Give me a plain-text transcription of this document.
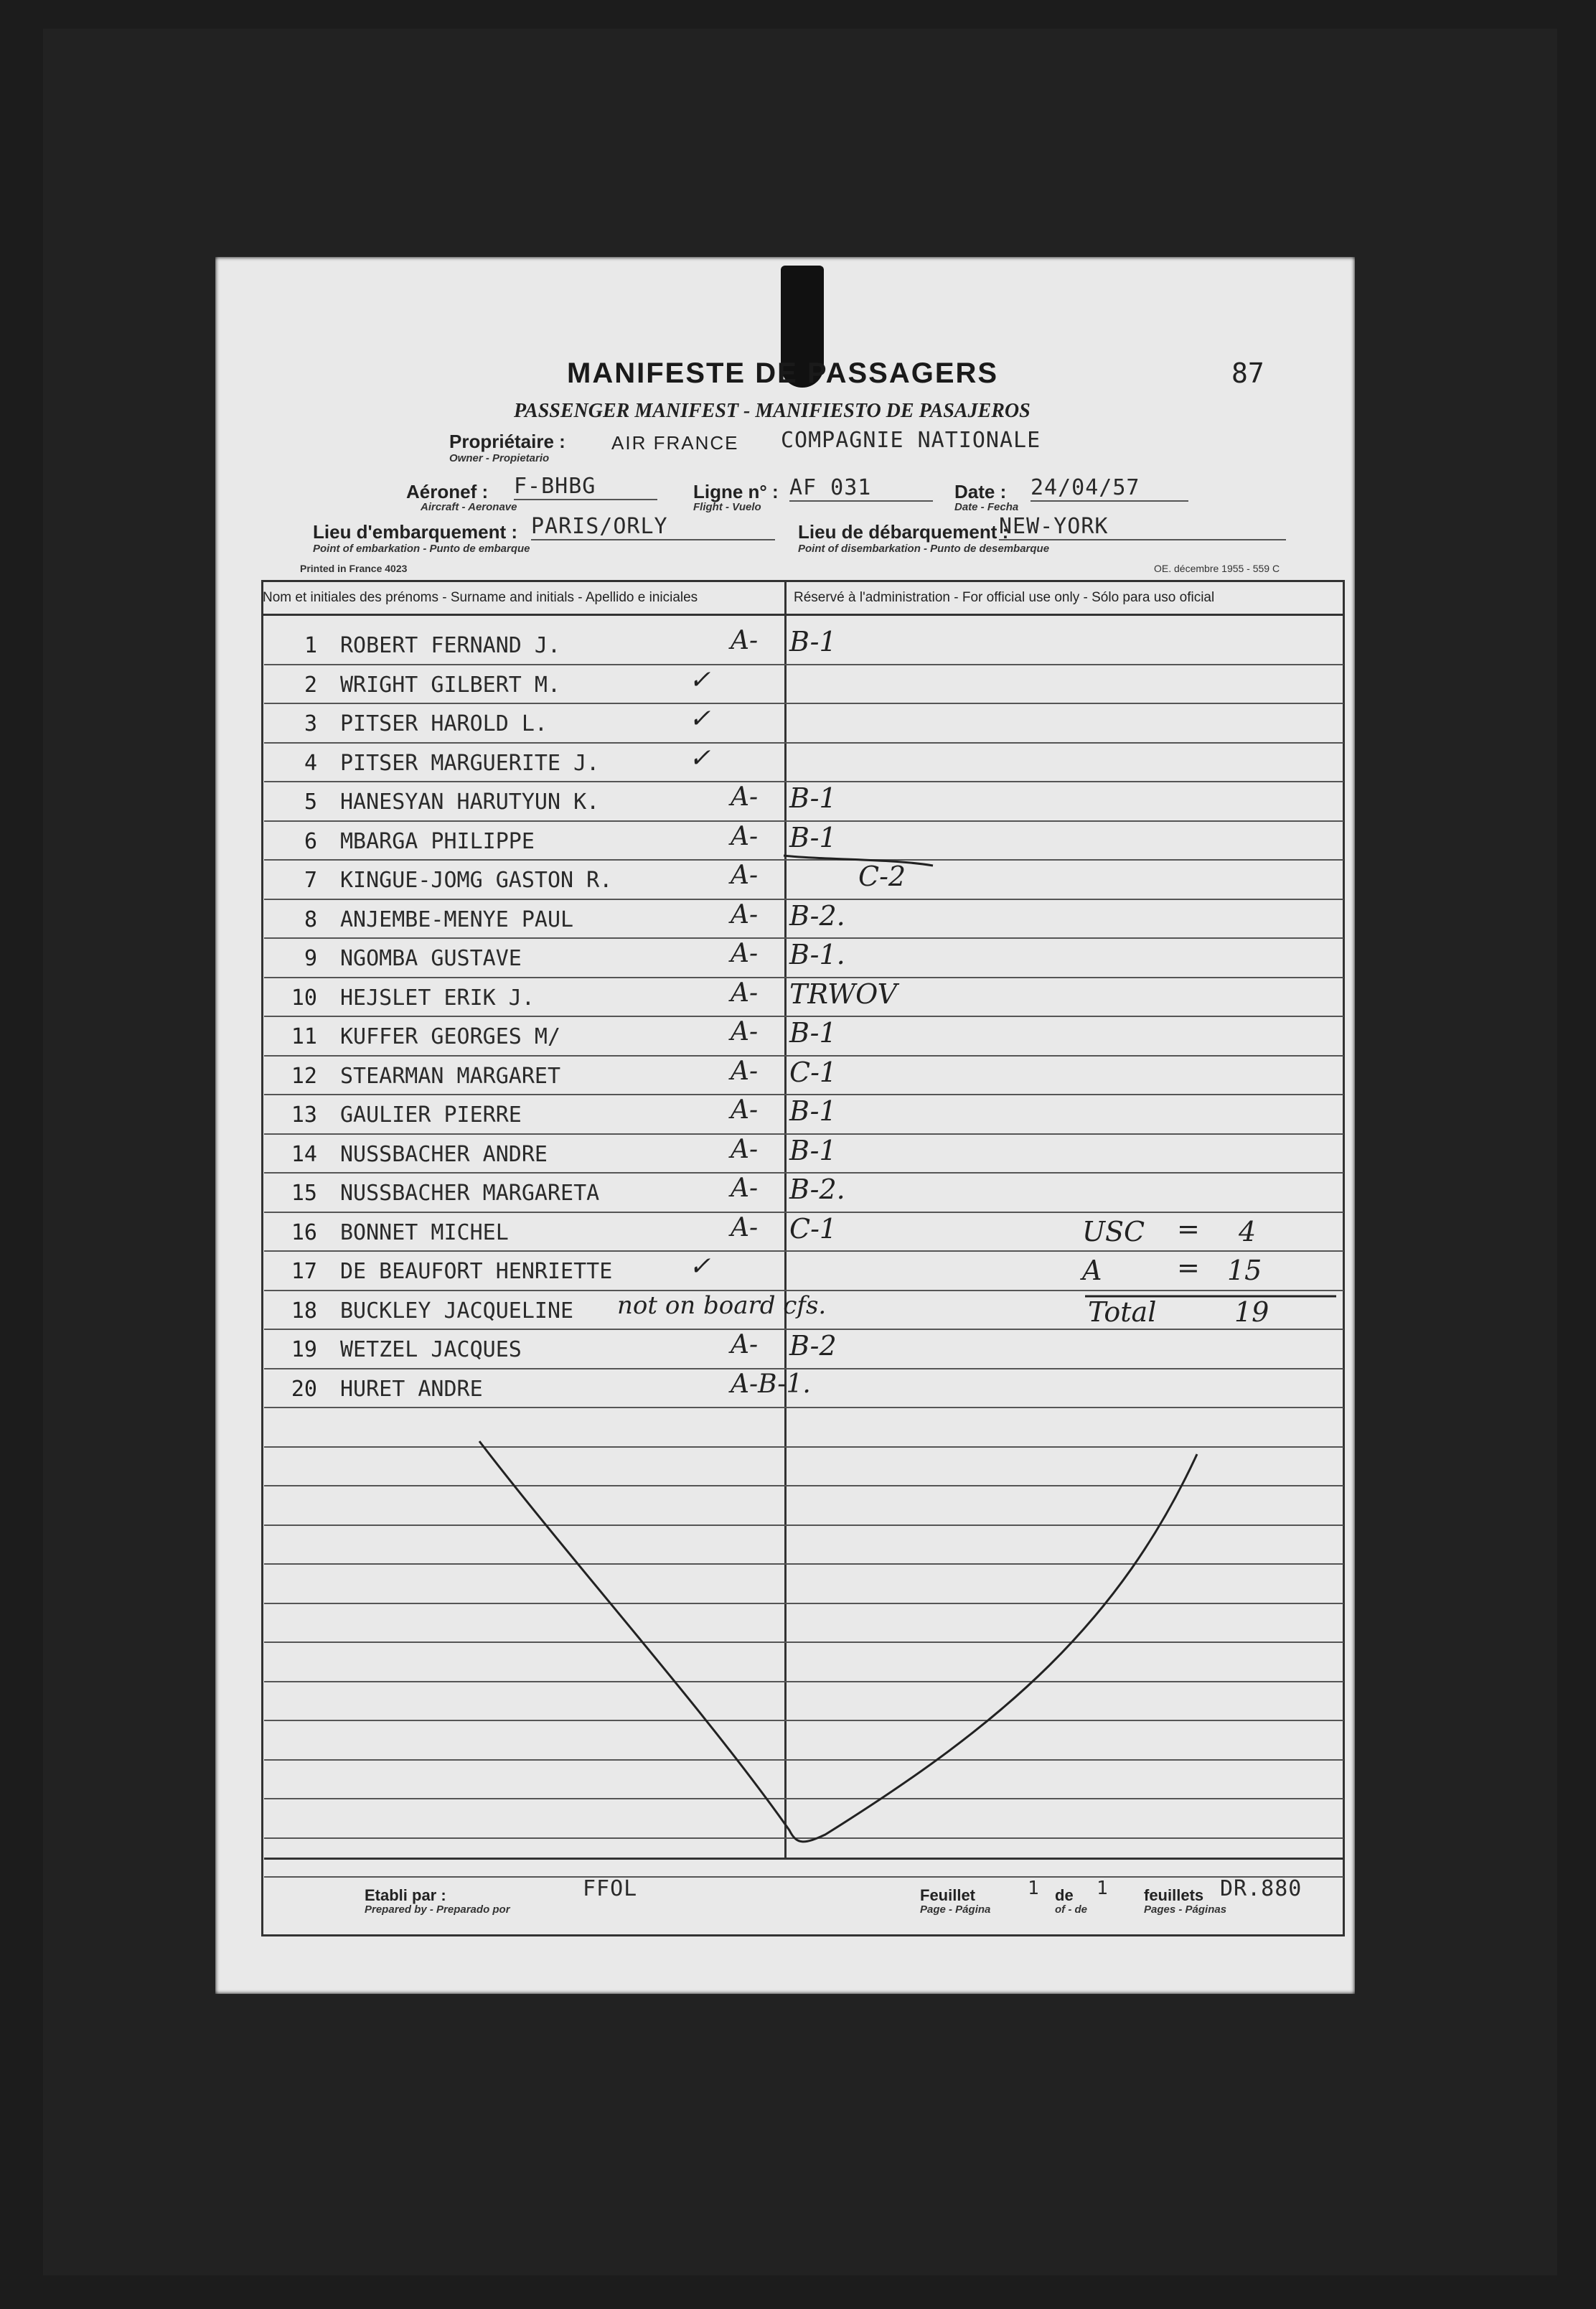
MANIFESTE DE PASSAGERS	87
PASSENGER MANIFEST - MANIFIESTO DE PASAJEROS
Propriétaire :
Owner - Propietario
AIR FRANCE COMPAGNIE NATIONALE
Aéronef :
Aircraft - Aeronave
F-BHBG	Ligne n° :
Flight - Vuelo
AF 031	Date :
Date - Fecha
24/04/57
Lieu d'embarquement :
Point of embarkation - Punto de embarque
PARIS/ORLY	Lieu de débarquement :
Point of disembarkation - Punto de desembarque
NEW-YORK
Printed in France 4023	OE. décembre 1955 - 559 C
Nom et initiales des prénoms - Surname and initials - Apellido e iniciales	Réservé à l'administration - For official use only - Sólo para uso oficial
1 ROBERT FERNAND J.	A- B-1
2 WRIGHT GILBERT M.	✓
3 PITSER HAROLD L.	✓
4 PITSER MARGUERITE J.	✓
5 HANESYAN HARUTYUN K.	A- B-1
6 MBARGA PHILIPPE	A- B-1
7 KINGUE-JOMG GASTON R.	A-	C-2
8 ANJEMBE-MENYE PAUL	A- B-2.
9 NGOMBA GUSTAVE	A- B-1.
10 HEJSLET ERIK J.	A- TRWOV
11 KUFFER GEORGES M/	A- B-1
12 STEARMAN MARGARET	A- C-1
13 GAULIER PIERRE	A- B-1
14 NUSSBACHER ANDRE	A- B-1
15 NUSSBACHER MARGARETA	A- B-2.
16 BONNET MICHEL	A- C-1
17 DE BEAUFORT HENRIETTE	✓
18 BUCKLEY JACQUELINE not on board cfs.
19 WETZEL JACQUES	A- B-2
20 HURET ANDRE	A-B-1.
USC = 4
A	= 15
Total	19
Etabli par :
Prepared by - Preparado por
FFOL	Feuillet
Page - Página
1 de
of - de
1 feuillets
Pages - Páginas
DR.880
